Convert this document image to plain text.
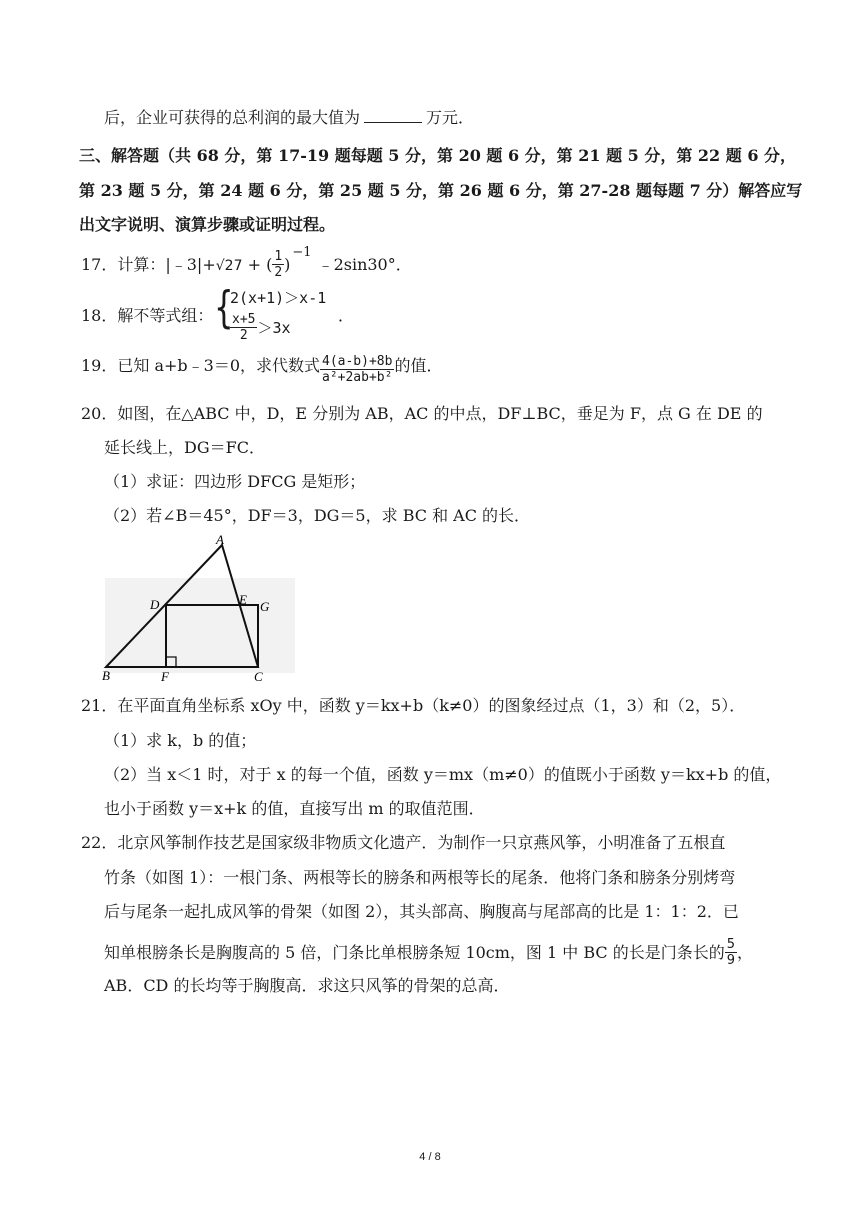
后，企业可获得的总利润的最大值为	万元．
三、解答题（共 68 分，第 17-19 题每题 5 分，第 20 题 6 分，第 21 题 5 分，第 22 题 6 分，
第 23 题 5 分，第 24 题 6 分，第 25 题 5 分，第 26 题 6 分，第 27-28 题每题 7 分）解答应写
出文字说明、演算步骤或证明过程。
17．计算：|﹣3|+√27 + ( $\frac{1}{2}$ )$^{-1}$﹣2sin30°．
18．解不等式组： {
2(x+1)＞x-1
$\frac{x+5}{2} >3x$
．
19．已知 a+b﹣3＝0，求代数式 $\frac{4(a-b)+8b}{\text{a²+2ab+b²}}$ 的值．
20．如图，在△ABC 中，D，E 分别为 AB，AC 的中点，DF⊥BC，垂足为 F，点 G 在 DE 的
延长线上，DG＝FC．
（1）求证：四边形 DFCG 是矩形；
（2）若∠B＝45°，DF＝3，DG＝5，求 BC 和 AC 的长．
A
B	C
D	E
F
G
21．在平面直角坐标系 xOy 中，函数 y＝kx+b（k≠0）的图象经过点（1，3）和（2，5）．
（1）求 k，b 的值；
（2）当 x＜1 时，对于 x 的每一个值，函数 y＝mx（m≠0）的值既小于函数 y＝kx+b 的值，
也小于函数 y＝x+k 的值，直接写出 m 的取值范围．
22．北京风筝制作技艺是国家级非物质文化遗产．为制作一只京燕风筝，小明准备了五根直
竹条（如图 1）：一根门条、两根等长的膀条和两根等长的尾条．他将门条和膀条分别烤弯
后与尾条一起扎成风筝的骨架（如图 2），其头部高、胸腹高与尾部高的比是 1：1：2．已
知单根膀条长是胸腹高的 5 倍，门条比单根膀条短 10cm，图 1 中 BC 的长是门条长的 $\frac{5}{9}$ ，
AB．CD 的长均等于胸腹高．求这只风筝的骨架的总高．
4 / 8
